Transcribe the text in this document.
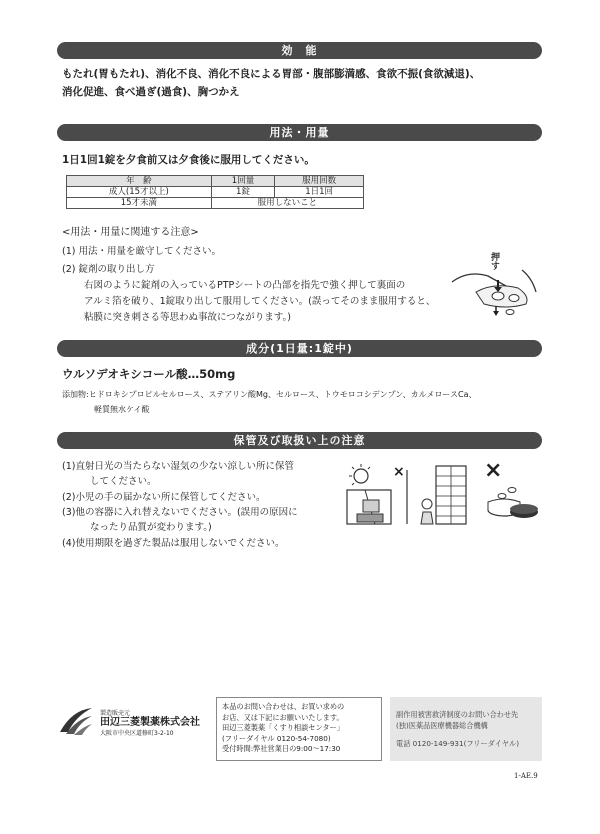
効　能
もたれ(胃もたれ)、消化不良、消化不良による胃部・腹部膨満感、食欲不振(食欲減退)、
消化促進、食べ過ぎ(過食)、胸つかえ
用法・用量
1日1回1錠を夕食前又は夕食後に服用してください。
年　齢	1回量	服用回数
成人(15才以上)	1錠	1日1回
15才未満	服用しないこと	
<用法・用量に関連する注意>
(1) 用法・用量を厳守してください。
(2) 錠剤の取り出し方
右図のように錠剤の入っているPTPシートの凸部を指先で強く押して裏面の
アルミ箔を破り、1錠取り出して服用してください。(誤ってそのまま服用すると、
粘膜に突き刺さる等思わぬ事故につながります。)
押す
成分(1日量:1錠中)
ウルソデオキシコール酸…50mg
添加物:ヒドロキシプロピルセルロース、ステアリン酸Mg、セルロース、トウモロコシデンプン、カルメロースCa、
軽質無水ケイ酸
保管及び取扱い上の注意
(1)直射日光の当たらない湿気の少ない涼しい所に保管
してください。
(2)小児の手の届かない所に保管してください。
(3)他の容器に入れ替えないでください。(誤用の原因に
なったり品質が変わります。)
(4)使用期限を過ぎた製品は服用しないでください。
×	×
製造販売元
田辺三菱製薬株式会社
大阪市中央区道修町3-2-10
本品のお問い合わせは、お買い求めの
お店、又は下記にお願いいたします。
田辺三菱製薬「くすり相談センター」
(フリーダイヤル 0120-54-7080)
受付時間:弊社営業日の9:00〜17:30
副作用被害救済制度のお問い合わせ先
(独)医薬品医療機器総合機構
電話 0120-149-931(フリーダイヤル)
1-AE.9
